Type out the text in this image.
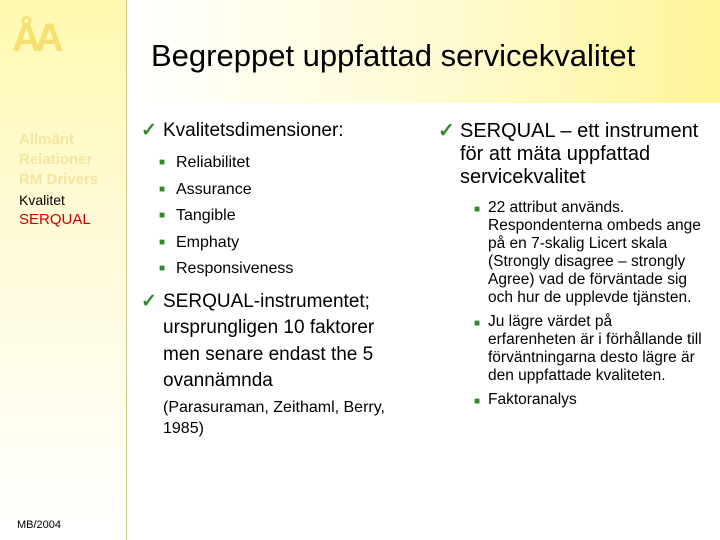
ÅA
Allmänt
Relationer
RM Drivers
Kvalitet
SERQUAL
MB/2004
Begreppet uppfattad servicekvalitet
✓ Kvalitetsdimensioner:
■ Reliabilitet
■ Assurance
■ Tangible
■ Emphaty
■ Responsiveness
✓ SERQUAL-instrumentet; ursprungligen 10 faktorer men senare endast the 5 ovannämnda
(Parasuraman, Zeithaml, Berry, 1985)
✓ SERQUAL – ett instrument för att mäta uppfattad servicekvalitet
■ 22 attribut används. Respondenterna ombeds ange på en 7-skalig Licert skala (Strongly disagree – strongly Agree) vad de förväntade sig och hur de upplevde tjänsten.
■ Ju lägre värdet på erfarenheten är i förhållande till förväntningarna desto lägre är den uppfattade kvaliteten.
■ Faktoranalys
